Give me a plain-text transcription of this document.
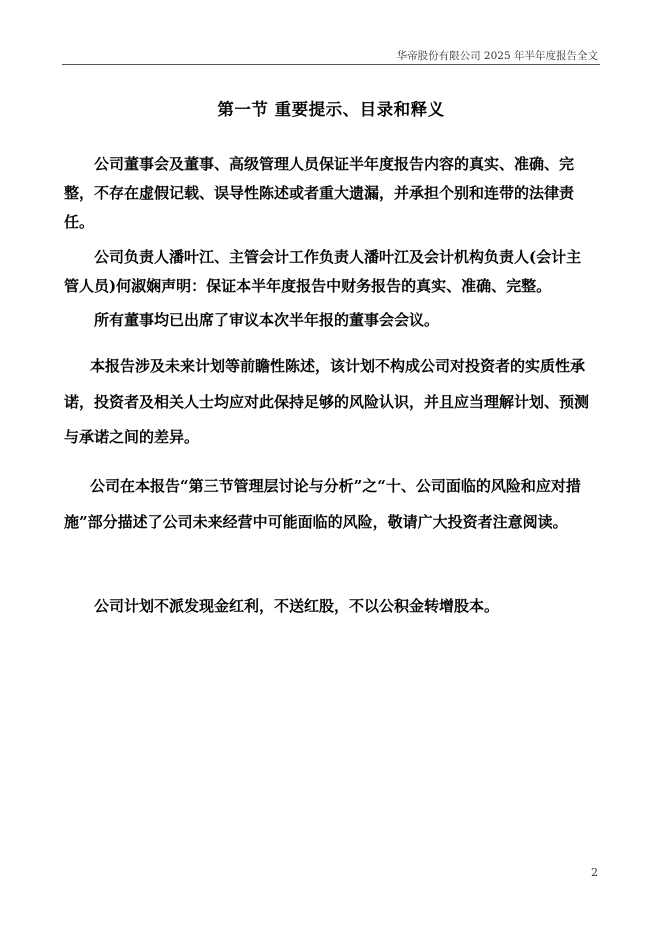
华帝股份有限公司 2025 年半年度报告全文
第一节 重要提示、目录和释义

公司董事会及董事、高级管理人员保证半年度报告内容的真实、准确、完整，不存在虚假记载、误导性陈述或者重大遗漏，并承担个别和连带的法律责任。

公司负责人潘叶江、主管会计工作负责人潘叶江及会计机构负责人(会计主管人员)何淑娴声明：保证本半年度报告中财务报告的真实、准确、完整。

所有董事均已出席了审议本次半年报的董事会会议。

本报告涉及未来计划等前瞻性陈述，该计划不构成公司对投资者的实质性承诺，投资者及相关人士均应对此保持足够的风险认识，并且应当理解计划、预测与承诺之间的差异。

公司在本报告“第三节管理层讨论与分析”之“十、公司面临的风险和应对措施”部分描述了公司未来经营中可能面临的风险，敬请广大投资者注意阅读。

公司计划不派发现金红利，不送红股，不以公积金转增股本。

2
